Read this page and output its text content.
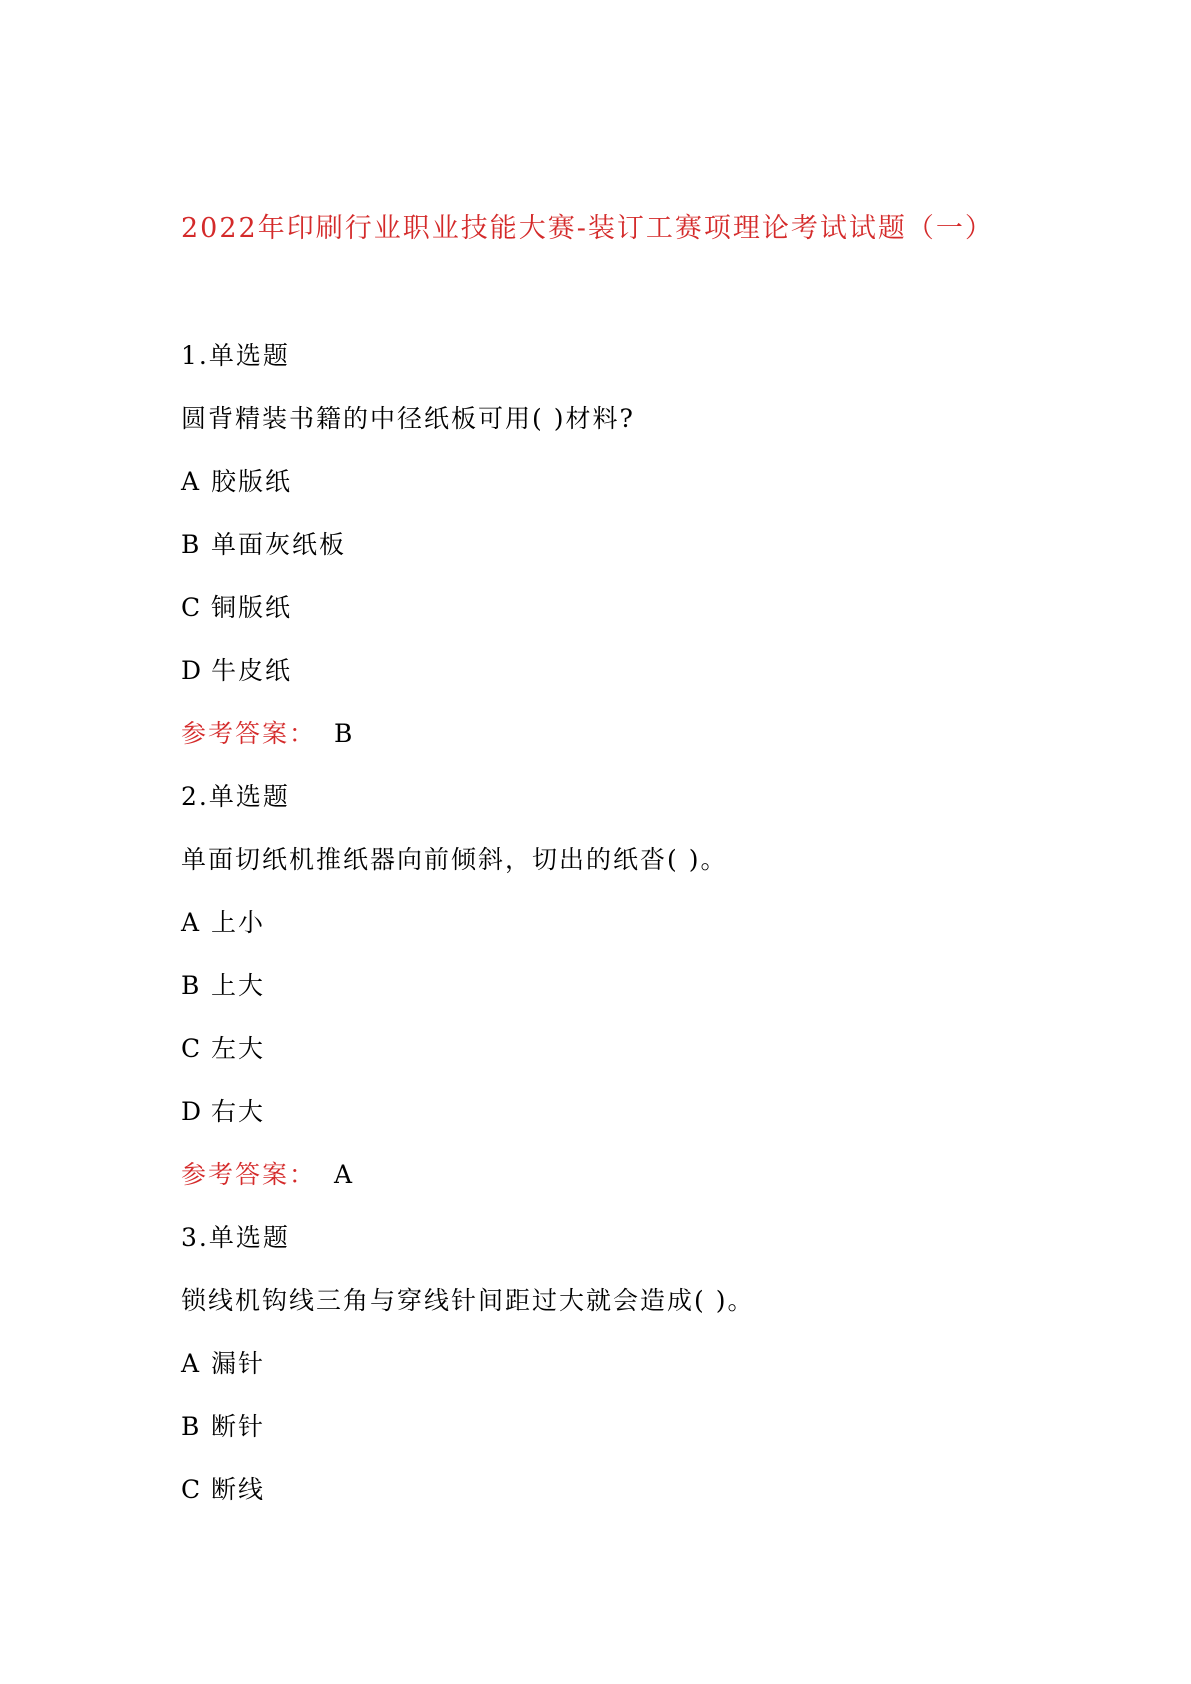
2022年印刷行业职业技能大赛-装订工赛项理论考试试题（一）
1.单选题
圆背精装书籍的中径纸板可用( )材料?
A 胶版纸
B 单面灰纸板
C 铜版纸
D 牛皮纸
参考答案： B
2.单选题
单面切纸机推纸器向前倾斜，切出的纸沓( )。
A 上小
B 上大
C 左大
D 右大
参考答案： A
3.单选题
锁线机钩线三角与穿线针间距过大就会造成( )。
A 漏针
B 断针
C 断线
